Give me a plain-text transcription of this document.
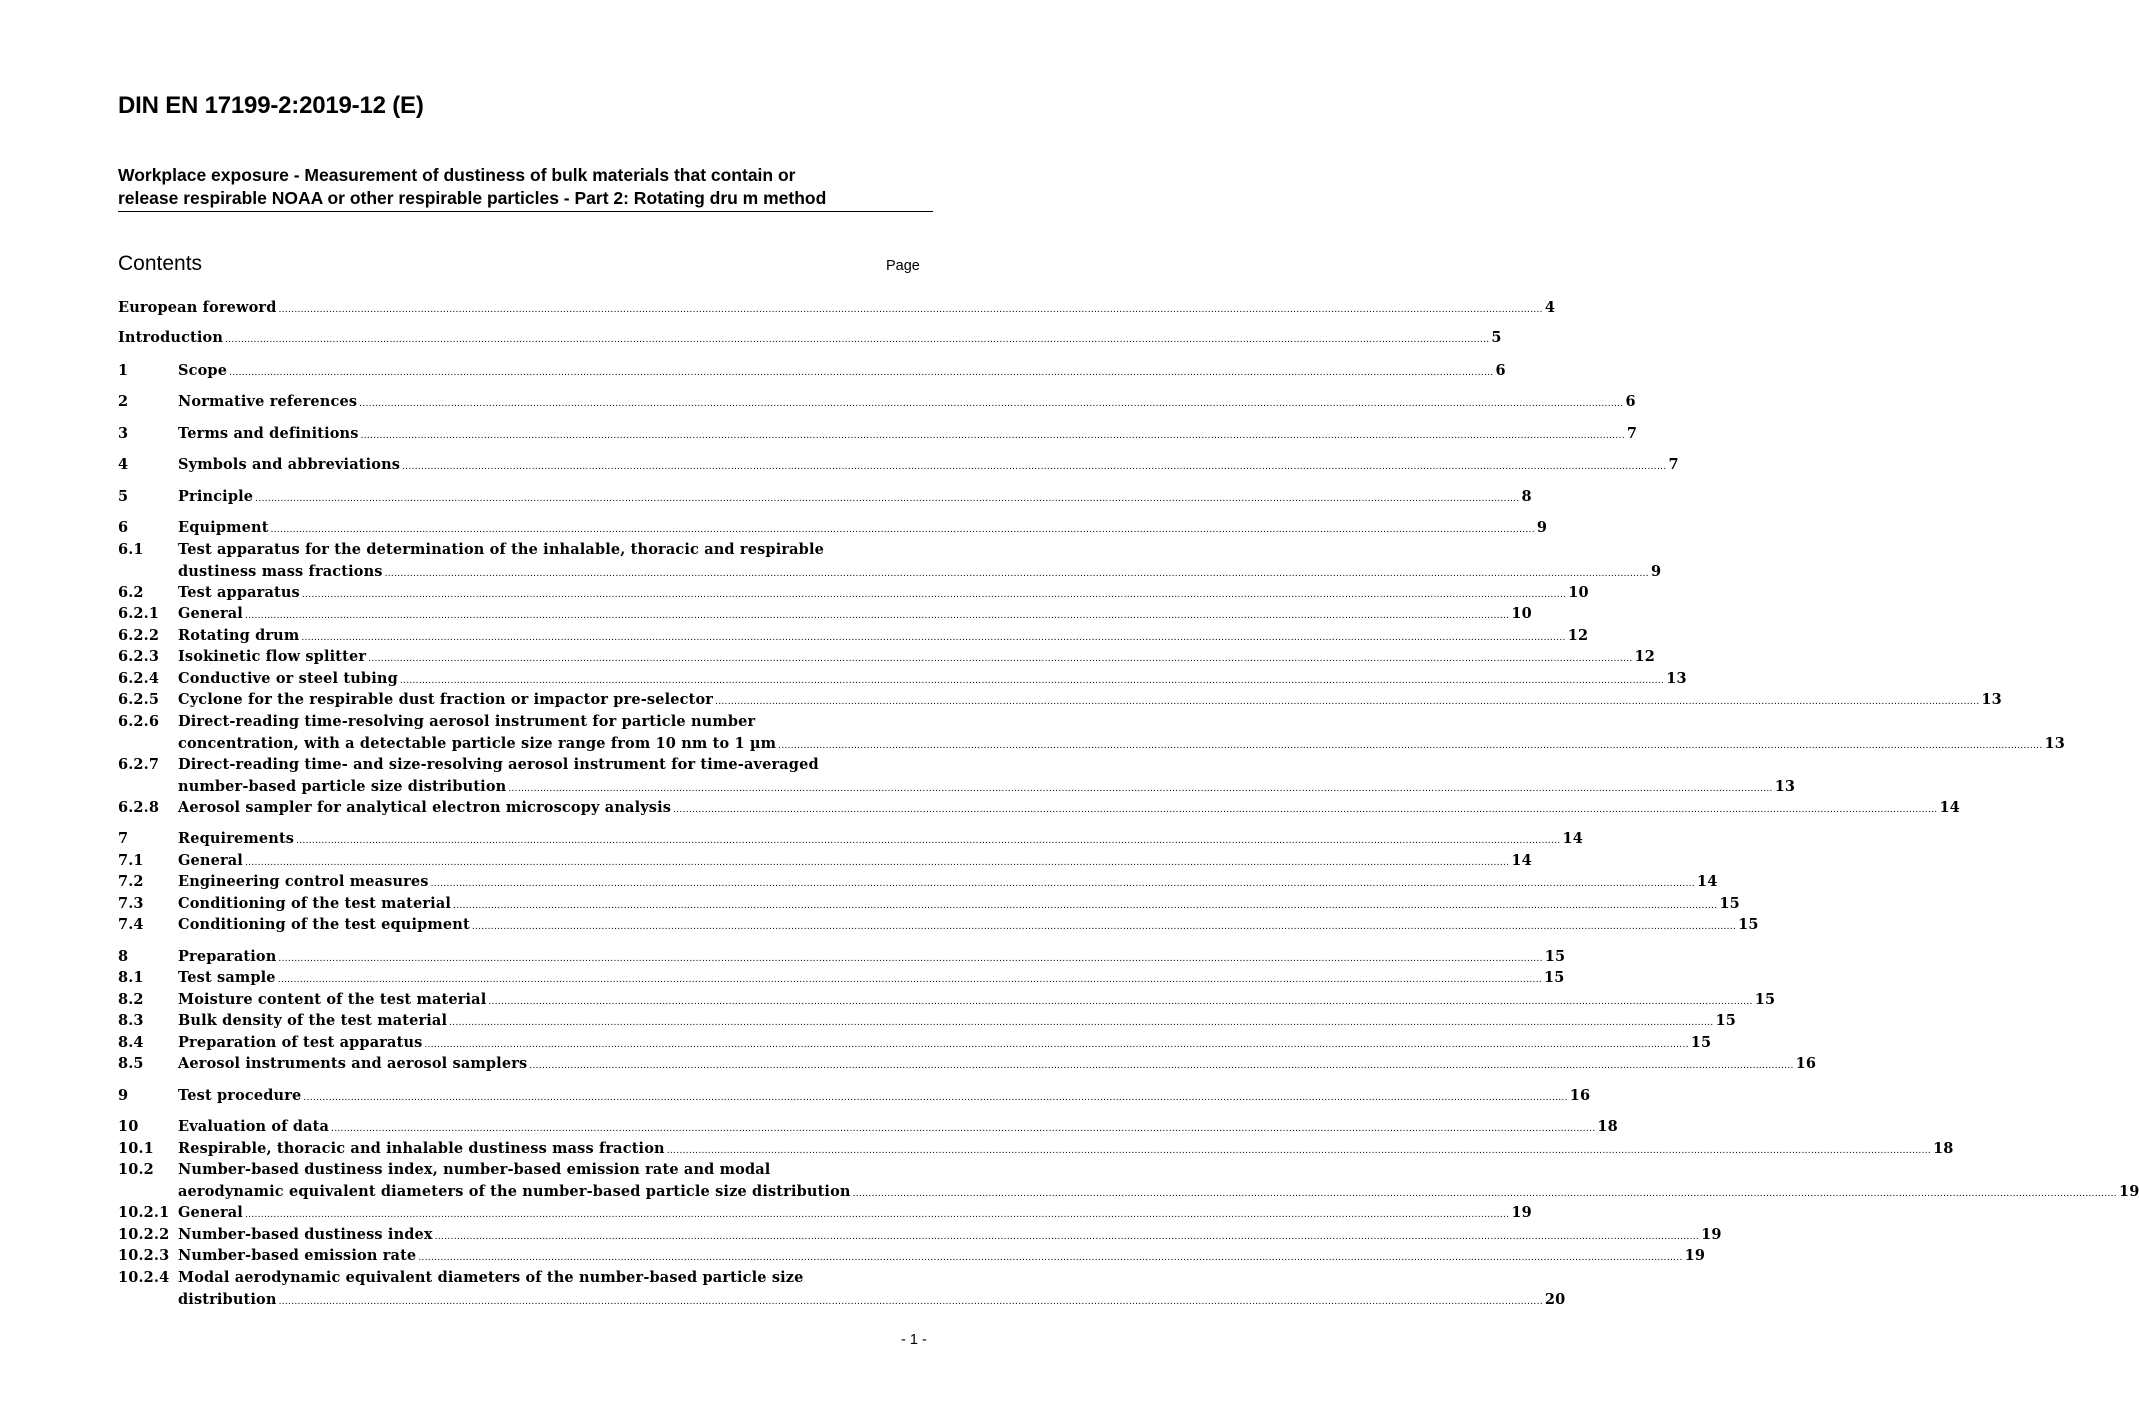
DIN EN 17199-2:2019-12 (E)
Workplace exposure - Measurement of dustiness of bulk materials that contain or
release respirable NOAA or other respirable particles - Part 2: Rotating dru m method
Contents	Page
European foreword ................................................................................................................................................................................................................................................................................................................................................................................................................ 4
Introduction ................................................................................................................................................................................................................................................................................................................................................................................................................ 5
1	Scope ................................................................................................................................................................................................................................................................................................................................................................................................................ 6
2	Normative references ................................................................................................................................................................................................................................................................................................................................................................................................................ 6
3	Terms and definitions ................................................................................................................................................................................................................................................................................................................................................................................................................ 7
4	Symbols and abbreviations ................................................................................................................................................................................................................................................................................................................................................................................................................ 7
5	Principle ................................................................................................................................................................................................................................................................................................................................................................................................................ 8
6	Equipment ................................................................................................................................................................................................................................................................................................................................................................................................................ 9
6.1 Test apparatus for the determination of the inhalable, thoracic and respirable
dustiness mass fractions ................................................................................................................................................................................................................................................................................................................................................................................................................ 9
6.2 Test apparatus ................................................................................................................................................................................................................................................................................................................................................................................................................ 10
6.2.1 General ................................................................................................................................................................................................................................................................................................................................................................................................................ 10
6.2.2 Rotating drum ................................................................................................................................................................................................................................................................................................................................................................................................................ 12
6.2.3 Isokinetic flow splitter ................................................................................................................................................................................................................................................................................................................................................................................................................ 12
6.2.4 Conductive or steel tubing ................................................................................................................................................................................................................................................................................................................................................................................................................ 13
6.2.5 Cyclone for the respirable dust fraction or impactor pre-selector ................................................................................................................................................................................................................................................................................................................................................................................................................ 13
6.2.6 Direct-reading time-resolving aerosol instrument for particle number
concentration, with a detectable particle size range from 10 nm to 1 µm ................................................................................................................................................................................................................................................................................................................................................................................................................ 13
6.2.7 Direct-reading time- and size-resolving aerosol instrument for time-averaged
number-based particle size distribution ................................................................................................................................................................................................................................................................................................................................................................................................................ 13
6.2.8 Aerosol sampler for analytical electron microscopy analysis ................................................................................................................................................................................................................................................................................................................................................................................................................ 14
7	Requirements ................................................................................................................................................................................................................................................................................................................................................................................................................ 14
7.1 General ................................................................................................................................................................................................................................................................................................................................................................................................................ 14
7.2 Engineering control measures ................................................................................................................................................................................................................................................................................................................................................................................................................ 14
7.3 Conditioning of the test material ................................................................................................................................................................................................................................................................................................................................................................................................................ 15
7.4 Conditioning of the test equipment ................................................................................................................................................................................................................................................................................................................................................................................................................ 15
8	Preparation ................................................................................................................................................................................................................................................................................................................................................................................................................ 15
8.1 Test sample ................................................................................................................................................................................................................................................................................................................................................................................................................ 15
8.2 Moisture content of the test material ................................................................................................................................................................................................................................................................................................................................................................................................................ 15
8.3 Bulk density of the test material ................................................................................................................................................................................................................................................................................................................................................................................................................ 15
8.4 Preparation of test apparatus ................................................................................................................................................................................................................................................................................................................................................................................................................ 15
8.5 Aerosol instruments and aerosol samplers ................................................................................................................................................................................................................................................................................................................................................................................................................ 16
9	Test procedure ................................................................................................................................................................................................................................................................................................................................................................................................................ 16
10	Evaluation of data ................................................................................................................................................................................................................................................................................................................................................................................................................ 18
10.1 Respirable, thoracic and inhalable dustiness mass fraction ................................................................................................................................................................................................................................................................................................................................................................................................................ 18
10.2 Number-based dustiness index, number-based emission rate and modal
aerodynamic equivalent diameters of the number-based particle size distribution ................................................................................................................................................................................................................................................................................................................................................................................................................ 19
10.2.1 General ................................................................................................................................................................................................................................................................................................................................................................................................................ 19
10.2.2 Number-based dustiness index ................................................................................................................................................................................................................................................................................................................................................................................................................ 19
10.2.3 Number-based emission rate ................................................................................................................................................................................................................................................................................................................................................................................................................ 19
10.2.4 Modal aerodynamic equivalent diameters of the number-based particle size
distribution ................................................................................................................................................................................................................................................................................................................................................................................................................ 20
- 1 -
